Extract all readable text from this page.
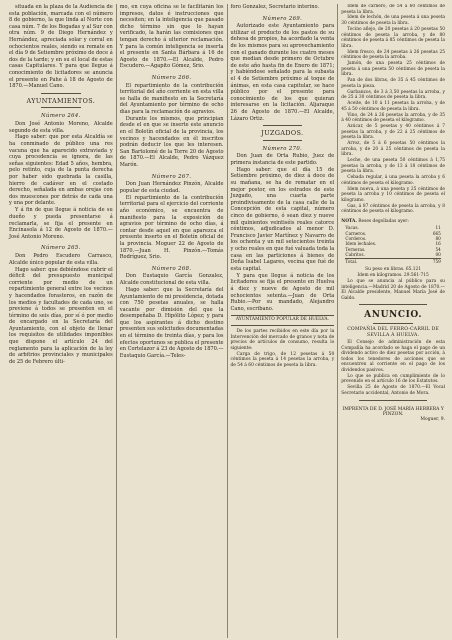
situada en la plaza de la Audiencia de esta población, marcada con el número 8 de gobierno, la que linda al Norte con casa núm. 7 de los Bogadas y al Sur con otra núm. 9 de Diego Hernández y Hernández, apreciada solar y corral en ochocientos reales, siendo su remate en el día 9 de Setiembre próximo de doce á dos de la tarde; y en su el local de estas casas Capitulares. Y para que llegue á conocimiento de licitadores se anuncia el presente en Pahe á 18 de Agosto de 1870.—Manuel Cano.

AYUNTAMIENTOS.
Número 264.

Don José Antonio Moreno, Alcalde segundo de esta villa.

Hago saber: que por esta Alcaldía se ha conminado de público una res vacuna que ha aparecido extraviada y cuya procedencia se ignora, de las señas siguientes: Edad 5 años, hembra, pelo retinto, cuja de la punta derecha por haber sido quebrada la casilla, hierro de cadáver en el costado derecho, señalada en ambas orejas con dos muescones por detrás de cada una y una por delante.

Y á fin de que llegue á noticia de su dueño y pueda presentarse á reclamarla, se fija el presente en Encinasola á 12 de Agosto de 1870.—José Antonio Moreno.

Número 265.

Don Pedro Escudero Carrasco, Alcalde único popular de esta villa.

Hago saber: que debiéndose cubrir el déficit del presupuesto municipal corriente por medio de un repartimiento general entre los vecinos y hacendados forasteros, en razón de los medios y facultades de cada uno, se previene á todos se presenten en el término de seis días, por sí ó por medio de encargado en la Secretaría del Ayuntamiento, con el objeto de llenar los requisitos de utilidades imponibles que dispone el artículo 24 del reglamento para la aplicación de la ley de arbitrios provinciales y municipales de 25 de Febrero últi-

mo, en cuya oficina se le facilitarán los impresos, datos é instrucciones que necesiten; en la inteligencia que pasado dicho término sin que lo hayan verificado, la harán las comisiones que tengan derecho á ulterior reclamación. Y para la común inteligencia se inserta el presente en Santa Bárbara á 16 de Agosto de 1870.—El Alcalde, Pedro Escudero.—Agapito Gómez, Srio.

Número 266.

El repartimiento de la contribución territorial del año corriente en esta villa se halla de manifiesto en la Secretaría del Ayuntamiento por término de ocho días para la reclamación de agravios.

Durante los mismos, que principian desde el en que se inserte este anuncio en el Boletín oficial de la provincia, los vecinos y hacendados en él inscritos podrán deducir los que les interesen. San Bartolomé de la Torre 20 de Agosto de 1870.—El Alcalde, Pedro Vázquez Marón.

Número 267.

Don Juan Hernández Pinzón, Alcalde popular de esta ciudad.

El repartimiento de la contribución territorial para el ejercicio del corriente año económico, se encuentra de manifiesto para la exposición de agravios por término de ocho días, á contar desde aquel en que aparezca el presente inserto en el Boletín oficial de la provincia. Moguer 22 de Agosto de 1870.—Juan H. Pinzón.—Tomás Rodríguez, Srio.

Número 268.

Don Eustaquio García Gonzalez, Alcalde constitucional de esta villa.

Hago saber: que la Secretaría del Ayuntamiento de mi presidencia, dotada con 750 pesetas anuales, se halla vacante por dimisión del que la desempeñaba D. Hipólito López; y para que los aspirantes á dicho destino presenten sus solicitudes documentadas en el término de treinta días, y para los efectos oportunos se publica el presente en Cortelazor á 23 de Agosto de 1870.—Eustaquio García.—Teles-

foro Gonzalez, Secretario interino.

Número 269.

Autorizado este Ayuntamiento para utilizar el producto de los pastos de su dehesa de propios, ha acordado la venta de los mismos para su aprovechamiento con el ganado durante los cuatro meses que median desde primero de Octubre de este año hasta fin de Enero de 1871; y habiéndose señalado para la subasta el 4 de Setiembre próximo al toque de ánimas, en esta casa capitular, se hace público por el presente para conocimiento de los que quieran interesarse en la licitación. Aljaraque 26 de Agosto de 1870.—El Alcalde, Lázaro Ortiz.

JUZGADOS.
Número 270.

Don Juan de Orta Rubio, Juez de primera instancia de este partido.

Hago saber: que el día 15 de Setiembre próximo, de diez á doce de su mañana, se ha de rematar en el mejor postor, en los estrados de este Juzgado, una cuarta parte proindivisamente de la casa calle de la Concepción de esta capital, número cinco de gobierno, ó sean diez y nueve mil quinientos veintiséis reales catorce céntimos, adjudicados al menor D. Francisco Javier Martínez y Navarro de los ochenta y un mil setecientos treinta y ocho reales en que fué valuada toda la casa en las particiones á bienes de Doña Isabel Lagares, vecina que fué de esta capital.

Y para que llegue á noticia de los licitadores se fija el presente en Huelva á diez y nueve de Agosto de mil ochocientos setenta.—Juan de Orta Rubio.—Por su mandado, Alejandro Cano, escribano.

AYUNTAMIENTO POPULAR DE HUELVA.

De los partes recibidos en este día por la Intervención del mercado de granos y nota de precios de artículos de consumo, resulta lo siguiente:

Carga de trigo, de 12 pesetas á 50 céntimos la peseta á 14 pesetas la arroba, y de 54 á 60 céntimos de peseta la libra.

Idem de carnero, de 54 á 60 céntimos de peseta la libra.

Idem de lechón, de una peseta á una peseta 30 céntimos de peseta la libra.

Tocino añejo, de 20 pesetas á 20 pesetas 50 céntimos de peseta la arroba, y de 80 céntimos de peseta á 85 céntimos de peseta la libra.

Idem fresco, de 24 pesetas á 26 pesetas 25 céntimos de peseta la arroba.

Jamón, de una peseta 25 céntimos de peseta á una peseta 50 céntimos de peseta la libra.

Pan de dos libras, de 35 á 45 céntimos de peseta la pieza.

Garbanzos, de 3 á 3,50 pesetas la arroba, y de 25 á 30 céntimos de peseta la libra.

Aceite, de 10 á 11 pesetas la arroba, y de 45 á 50 céntimos de peseta la libra.

Vino, de 24 á 26 pesetas la arroba, y de 35 á 40 céntimos de peseta el kilogramo.

Azúcar, de 5 pesetas y 40 céntimos á 7 pesetas la arroba, y de 22 á 25 céntimos de peseta la libra.

Arroz, de 5 á 6 pesetas 50 céntimos la arroba, y de 20 á 25 céntimos de peseta la libra.

Leche, de una peseta 50 céntimos á 1,75 pesetas la arroba, y de 13 á 18 céntimos de peseta la libra.

Cebada regular, á una peseta la arroba y 6 céntimos de peseta el kilogramo.

Idem nueva, á una peseta y 25 céntimos de peseta la arroba y 10 céntimos de peseta el kilogramo.

Gas, á 87 céntimos de peseta la arroba, y 8 céntimos de peseta el kilogramo.

NOTA. Reses degolladas ayer:
Vacas.	11
Carneros.	665
Corderos.	80
Idem lechales.	16
Terneras.	54
Cabritos.	00
Total.	759

Su peso en libras. 65.121

Idem en kilogramos. 29.561·715

Lo que se anuncia al público para su inteligencia.—Madrid 20 de Agosto de 1870.—El Alcalde presidente, Manuel María José de Galdo.

ANUNCIO.
COMPAÑÍA DEL FERRO-CARRIL DE SEVILLA Á HUELVA.

El Consejo de administración de esta Compañía ha acordado se haga el pago de un dividendo activo de diez pesetas por acción, á todos los tenedores de acciones que se encuentren al corriente en el pago de los dividendos pasivos.

Lo que se publica en cumplimiento de lo prevenido en el artículo 16 de los Estatutos.

Sevilla 25 de Agosto de 1870.—El Vocal Secretario accidental, Antonio de Mora.

IMPRENTA DE D. JOSÉ MARÍA HERRERA Y PINZON.
Moguer, 9.
